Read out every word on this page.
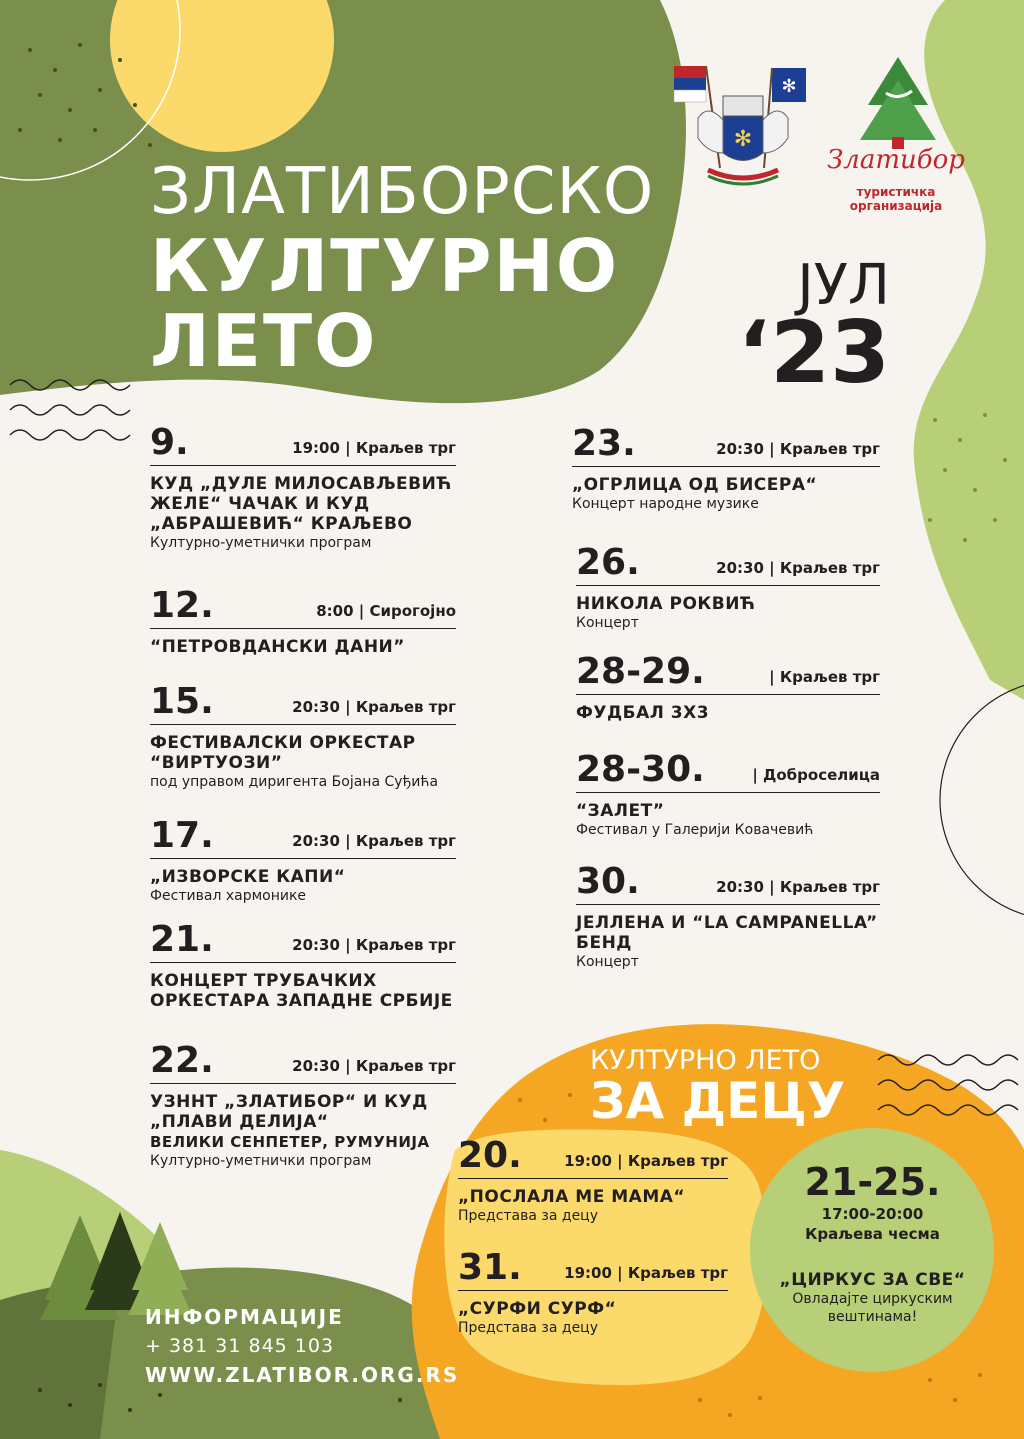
✻
✻
Златибор
туристичка организација
ЗЛАТИБОРСКО
КУЛТУРНО
ЛЕТО
ЈУЛ
‘23
9.	19:00 | Краљев трг
КУД „ДУЛЕ МИЛОСАВЉЕВИЋ ЖЕЛЕ“ ЧАЧАК И КУД „АБРАШЕВИЋ“ КРАЉЕВО
Културно-уметнички програм
12.	8:00 | Сирогојно
“ПЕТРОВДАНСКИ ДАНИ”
15.	20:30 | Краљев трг
ФЕСТИВАЛСКИ ОРКЕСТАР “ВИРТУОЗИ”
под управом диригента Бојана Суђића
17.	20:30 | Краљев трг
„ИЗВОРСКЕ КАПИ“
Фестивал хармонике
21.	20:30 | Краљев трг
КОНЦЕРТ ТРУБАЧКИХ ОРКЕСТАРА ЗАПАДНЕ СРБИЈЕ
22.	20:30 | Краљев трг
УЗННТ „ЗЛАТИБОР“ И КУД „ПЛАВИ ДЕЛИЈА“
ВЕЛИКИ СЕНПЕТЕР, РУМУНИЈА
Културно-уметнички програм
23.	20:30 | Краљев трг
„ОГРЛИЦА ОД БИСЕРА“
Концерт народне музике
26.	20:30 | Краљев трг
НИКОЛА РОКВИЋ
Концерт
28-29.	| Краљев трг
ФУДБАЛ 3Х3
28-30.	| Доброселица
“ЗАЛЕТ”
Фестивал у Галерији Ковачевић
30.	20:30 | Краљев трг
ЈЕЛЛЕНА И “LA CAMPANELLA” БЕНД
Концерт
КУЛТУРНО ЛЕТО
ЗА ДЕЦУ
20.	19:00 | Краљев трг
„ПОСЛАЛА МЕ МАМА“
Представа за децу
31.	19:00 | Краљев трг
„СУРФИ СУРФ“
Представа за децу
21-25.
17:00-20:00
Краљева чесма
„ЦИРКУС ЗА СВЕ“
Овладајте циркуским вештинама!
ИНФОРМАЦИЈЕ
+ 381 31 845 103
WWW.ZLATIBOR.ORG.RS
